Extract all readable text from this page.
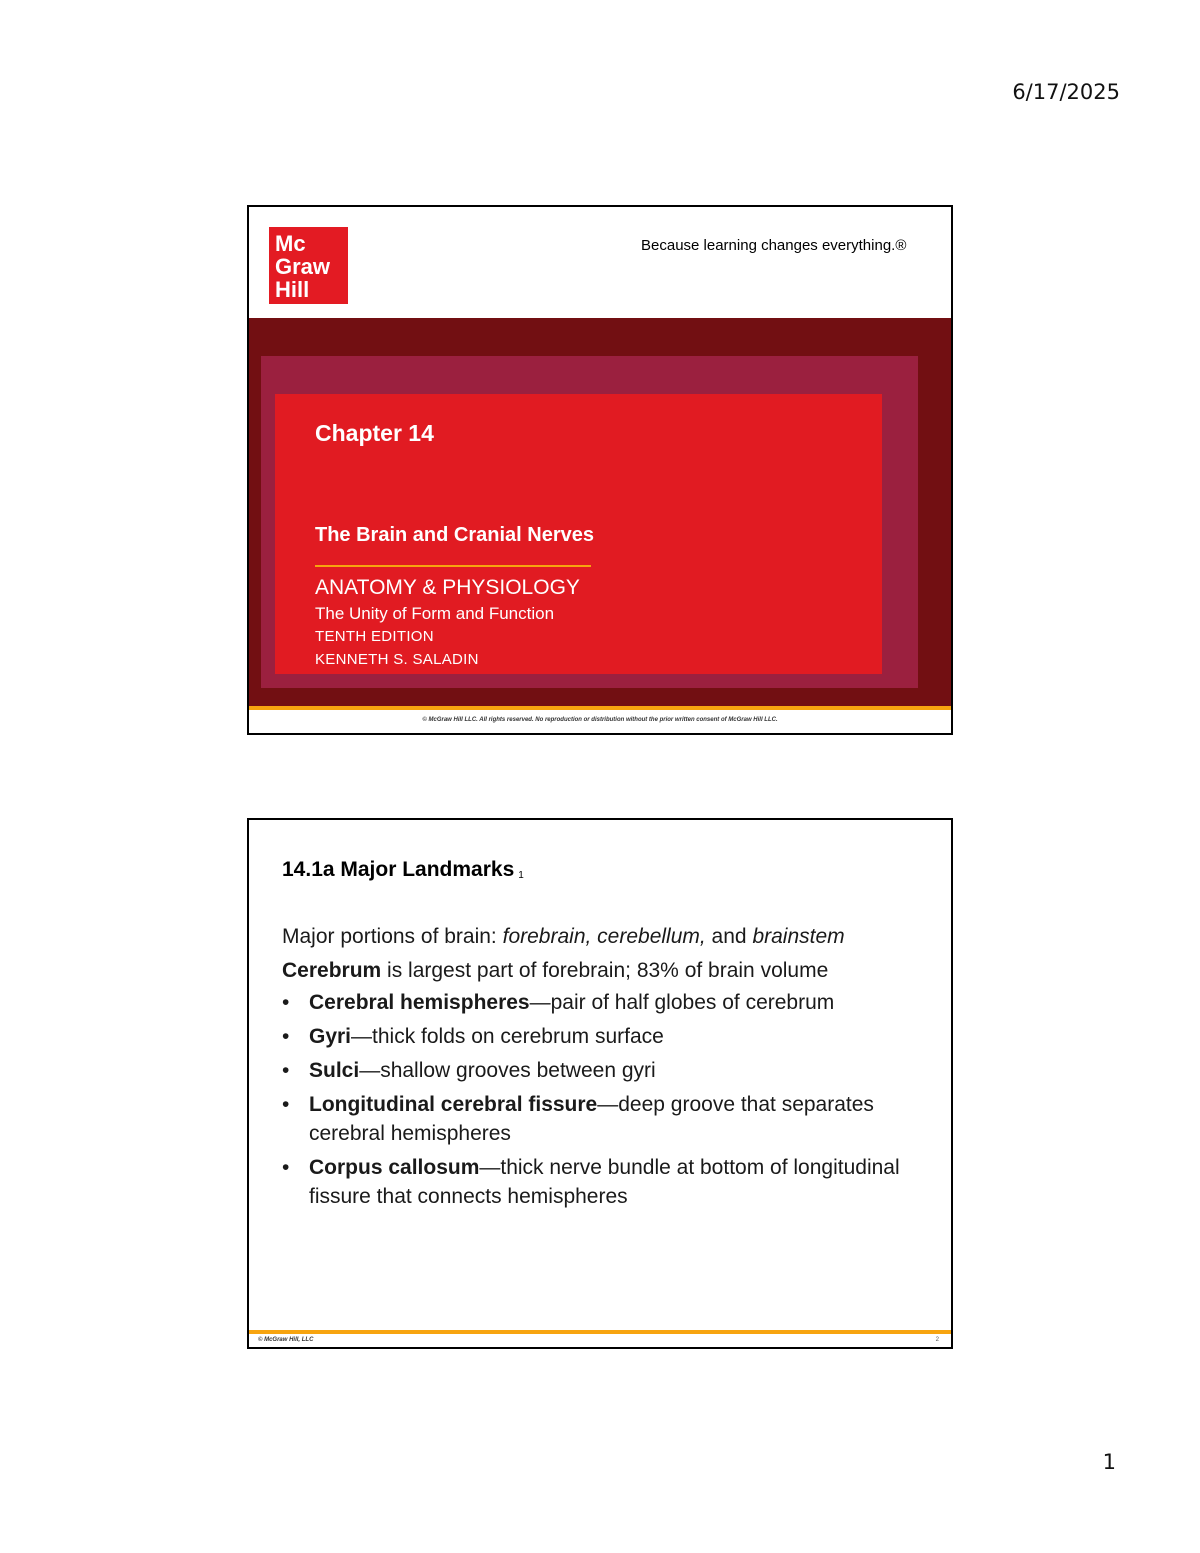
6/17/2025
Mc
Graw
Hill
Because learning changes everything.®
Chapter 14
The Brain and Cranial Nerves
ANATOMY & PHYSIOLOGY
The Unity of Form and Function
TENTH EDITION
KENNETH S. SALADIN
© McGraw Hill LLC. All rights reserved. No reproduction or distribution without the prior written consent of McGraw Hill LLC.
14.1a Major Landmarks 1

Major portions of brain: forebrain, cerebellum, and brainstem

Cerebrum is largest part of forebrain; 83% of brain volume

• Cerebral hemispheres—pair of half globes of cerebrum
• Gyri—thick folds on cerebrum surface
• Sulci—shallow grooves between gyri
• Longitudinal cerebral fissure—deep groove that separates cerebral hemispheres
• Corpus callosum—thick nerve bundle at bottom of longitudinal fissure that connects hemispheres
© McGraw Hill, LLC	2
1
